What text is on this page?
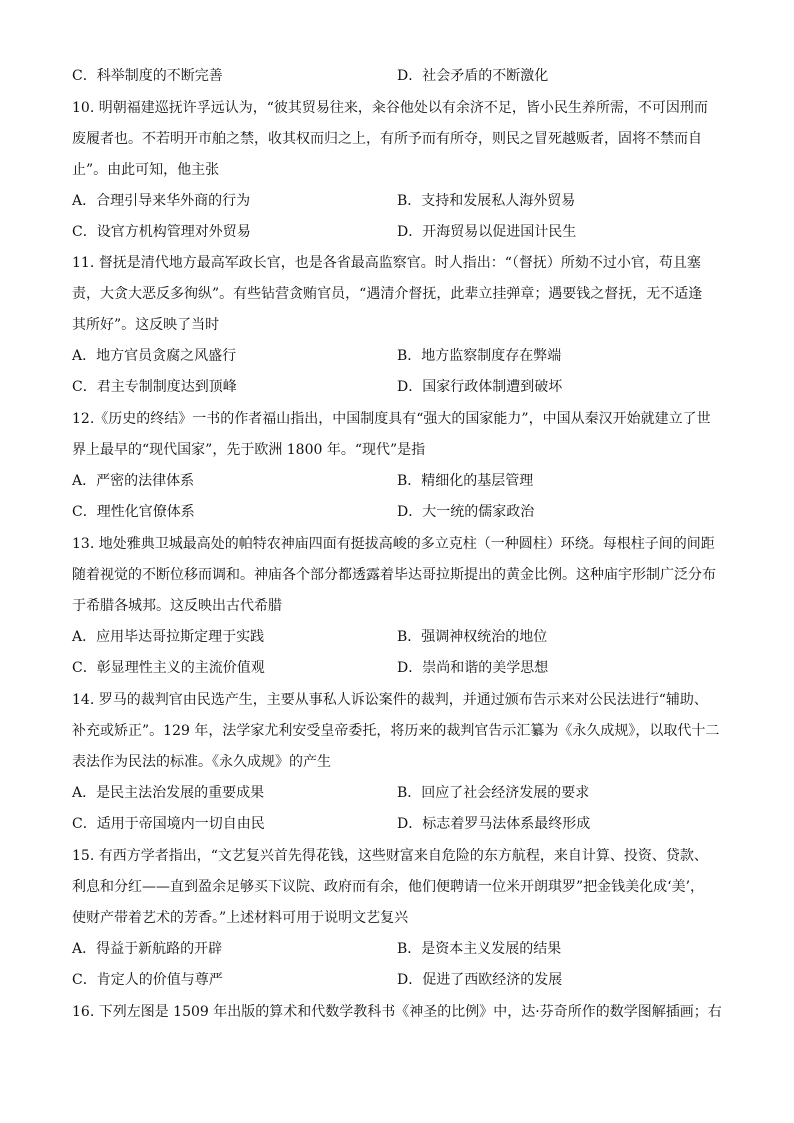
C．科举制度的不断完善	D．社会矛盾的不断激化
10. 明朝福建巡抚许孚远认为，“彼其贸易往来，籴谷他处以有余济不足，皆小民生养所需，不可因刑而
废履者也。不若明开市舶之禁，收其权而归之上，有所予而有所夺，则民之冒死越贩者，固将不禁而自
止”。由此可知，他主张
A．合理引导来华外商的行为	B．支持和发展私人海外贸易
C．设官方机构管理对外贸易	D．开海贸易以促进国计民生
11. 督抚是清代地方最高军政长官，也是各省最高监察官。时人指出：“（督抚）所劾不过小官，苟且塞
责，大贪大恶反多徇纵”。有些钻营贪贿官员，“遇清介督抚，此辈立挂弹章；遇要钱之督抚，无不适逢
其所好”。这反映了当时
A．地方官员贪腐之风盛行	B．地方监察制度存在弊端
C．君主专制制度达到顶峰	D．国家行政体制遭到破坏
12.《历史的终结》一书的作者福山指出，中国制度具有“强大的国家能力”，中国从秦汉开始就建立了世
界上最早的“现代国家”，先于欧洲 1800 年。“现代”是指
A．严密的法律体系	B．精细化的基层管理
C．理性化官僚体系	D．大一统的儒家政治
13. 地处雅典卫城最高处的帕特农神庙四面有挺拔高峻的多立克柱（一种圆柱）环绕。每根柱子间的间距
随着视觉的不断位移而调和。神庙各个部分都透露着毕达哥拉斯提出的黄金比例。这种庙宇形制广泛分布
于希腊各城邦。这反映出古代希腊
A．应用毕达哥拉斯定理于实践	B．强调神权统治的地位
C．彰显理性主义的主流价值观	D．崇尚和谐的美学思想
14. 罗马的裁判官由民选产生，主要从事私人诉讼案件的裁判，并通过颁布告示来对公民法进行“辅助、
补充或矫正”。129 年，法学家尤利安受皇帝委托，将历来的裁判官告示汇纂为《永久成规》，以取代十二
表法作为民法的标准。《永久成规》的产生
A．是民主法治发展的重要成果	B．回应了社会经济发展的要求
C．适用于帝国境内一切自由民	D．标志着罗马法体系最终形成
15. 有西方学者指出，“文艺复兴首先得花钱，这些财富来自危险的东方航程，来自计算、投资、贷款、
利息和分红——直到盈余足够买下议院、政府而有余，他们便聘请一位米开朗琪罗”把金钱美化成‘美’，
使财产带着艺术的芳香。”上述材料可用于说明文艺复兴
A．得益于新航路的开辟	B．是资本主义发展的结果
C．肯定人的价值与尊严	D．促进了西欧经济的发展
16. 下列左图是 1509 年出版的算术和代数学教科书《神圣的比例》中，达·芬奇所作的数学图解插画；右
